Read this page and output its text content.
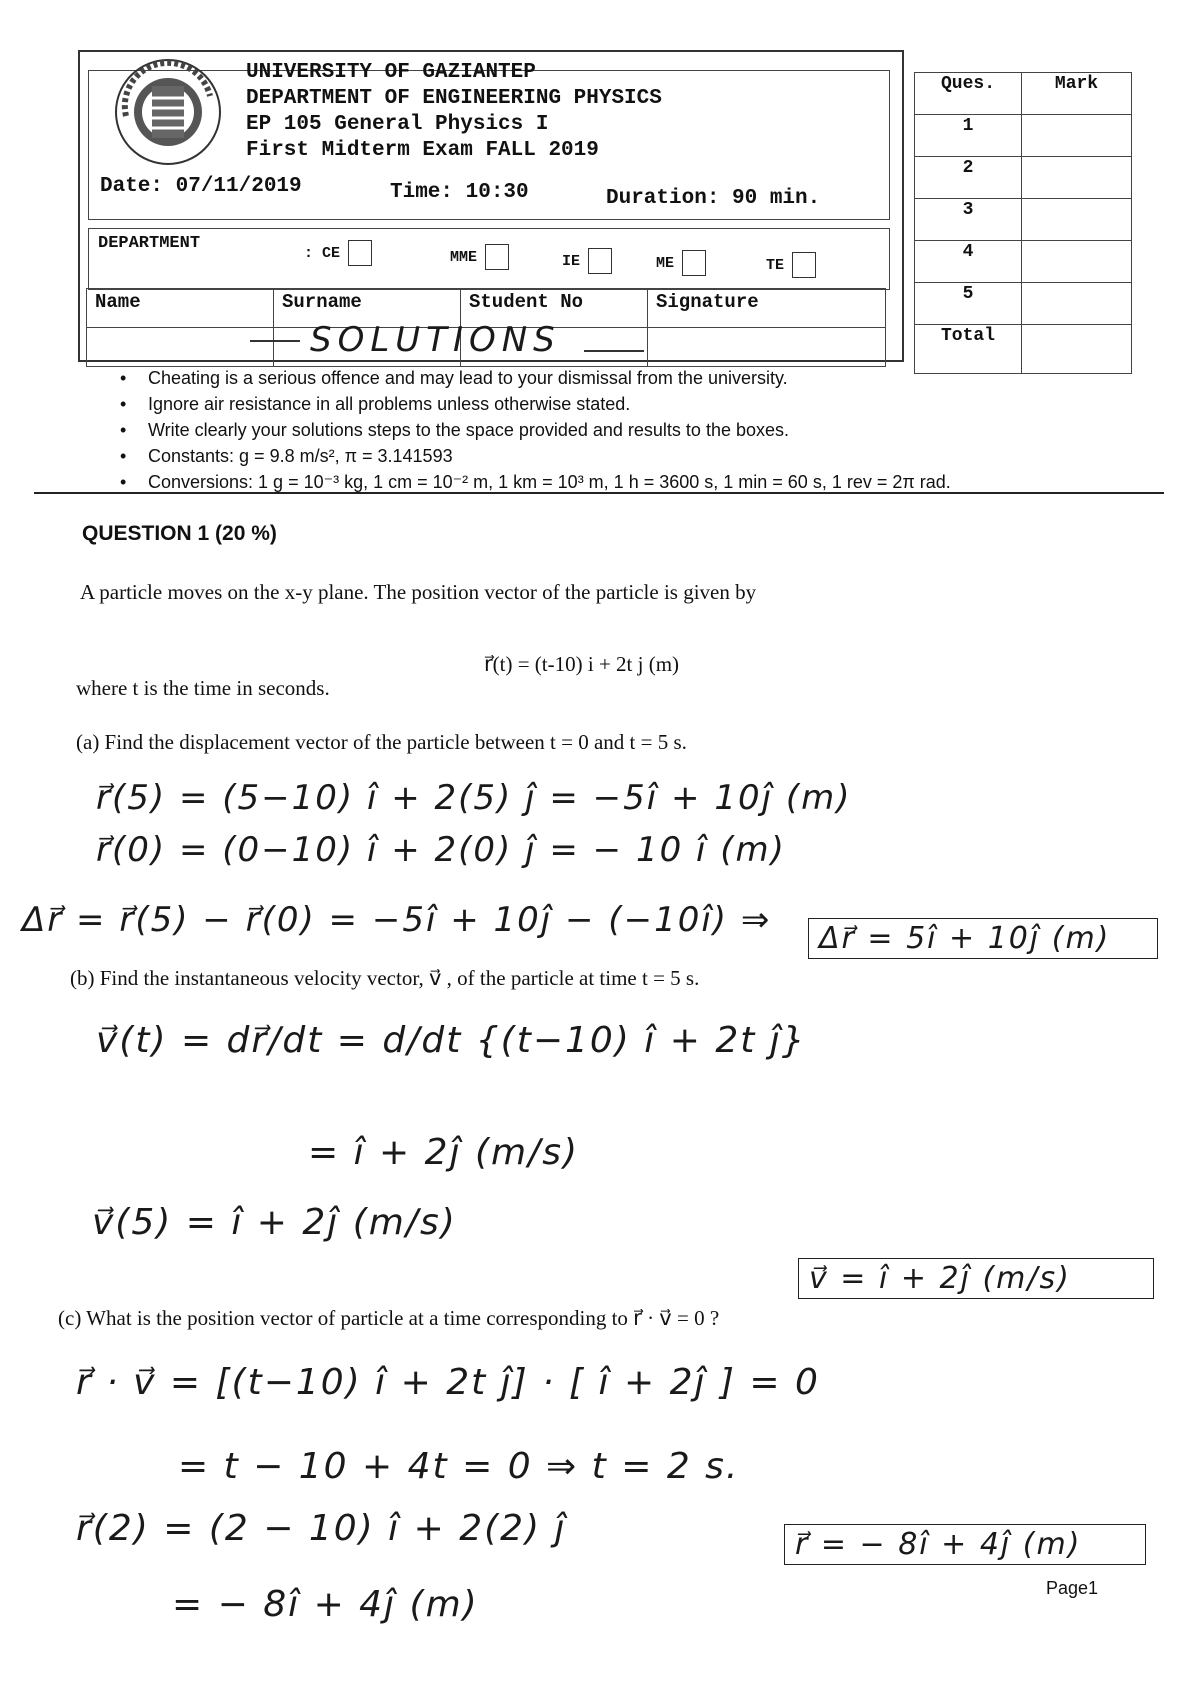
UNIVERSITY OF GAZIANTEP
DEPARTMENT OF ENGINEERING PHYSICS
EP 105 General Physics I
First Midterm Exam FALL 2019
Date: 07/11/2019	Time: 10:30	Duration: 90 min.
DEPARTMENT
: CE	MME	IE	ME	TE
Name	Surname	Student No	Signature

SOLUTIONS
Ques.	Mark
1	
2	
3	
4	
5	
Total	
• Cheating is a serious offence and may lead to your dismissal from the university.
• Ignore air resistance in all problems unless otherwise stated.
• Write clearly your solutions steps to the space provided and results to the boxes.
• Constants: g = 9.8 m/s², π = 3.141593
• Conversions: 1 g = 10⁻³ kg, 1 cm = 10⁻² m, 1 km = 10³ m, 1 h = 3600 s, 1 min = 60 s, 1 rev = 2π rad.
QUESTION 1 (20 %)
A particle moves on the x-y plane. The position vector of the particle is given by
r⃗(t) = (t-10) i + 2t j (m)
where t is the time in seconds.
(a) Find the displacement vector of the particle between t = 0 and t = 5 s.
r⃗(5) = (5−10) î + 2(5) ĵ = −5î + 10ĵ (m)
r⃗(0) = (0−10) î + 2(0) ĵ = − 10 î (m)
Δr⃗ = r⃗(5) − r⃗(0) = −5î + 10ĵ − (−10î) ⇒	Δr⃗ = 5î + 10ĵ (m)
(b) Find the instantaneous velocity vector, v⃗ , of the particle at time t = 5 s.
v⃗(t) = dr⃗/dt = d/dt {(t−10) î + 2t ĵ}
= î + 2ĵ (m/s)
v⃗(5) = î + 2ĵ (m/s)
v⃗ = î + 2ĵ (m/s)
(c) What is the position vector of particle at a time corresponding to r⃗ · v⃗ = 0 ?
r⃗ · v⃗ = [(t−10) î + 2t ĵ] · [ î + 2ĵ ] = 0
= t − 10 + 4t = 0 ⇒ t = 2 s.
r⃗(2) = (2 − 10) î + 2(2) ĵ	r⃗ = − 8î + 4ĵ (m)
= − 8î + 4ĵ (m)	Page1
